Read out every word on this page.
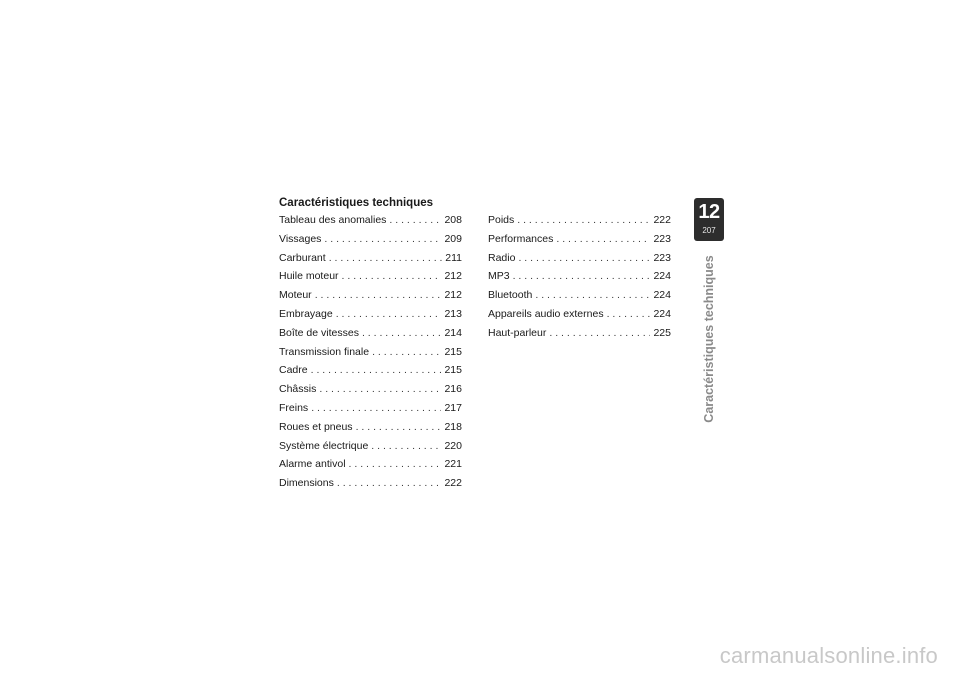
Caractéristiques techniques
Tableau des anomalies . . .	208
Vissages . . .	209
Carburant . . .	211
Huile moteur . . .	212
Moteur . . .	212
Embrayage . . .	213
Boîte de vitesses . . .	214
Transmission finale . . .	215
Cadre . . .	215
Châssis . . .	216
Freins . . .	217
Roues et pneus . . .	218
Système électrique . . .	220
Alarme antivol . . .	221
Dimensions . . .	222
Poids . . .	222
Performances . . .	223
Radio . . .	223
MP3 . . .	224
Bluetooth . . .	224
Appareils audio externes . . .	224
Haut-parleur . . .	225
12
207
Caractéristiques techniques
carmanualsonline.info
